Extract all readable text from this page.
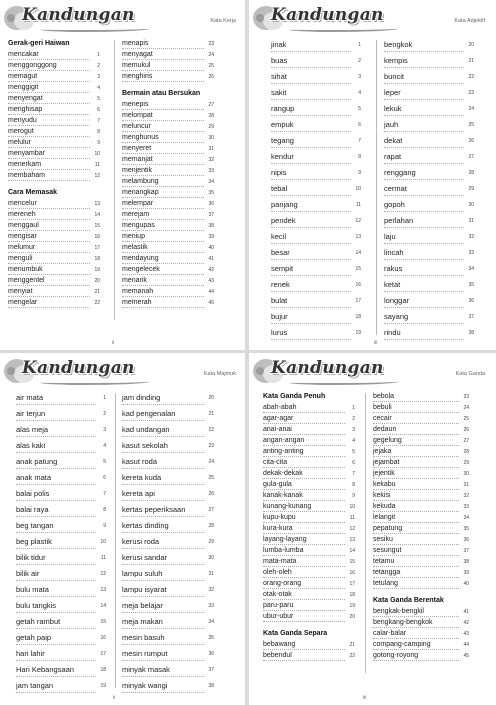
Kandungan	Kata Kerja
Gerak-geri Haiwan
mencakar	1
menggonggong	2
memagut	3
menggigit	4
menyengat	5
menghisap	6
menyudu	7
merogut	8
melulur	9
menyambar	10
menerkam	11
membaham	12
Cara Memasak
mencelur	13
mereneh	14
menggaul	15
mengisar	16
melumur	17
menguli	18
menumbuk	19
menggentel	20
menyiat	21
mengelar	22
menapis	23
menyagat	24
memukul	25
menghiris	26
Bermain atau Bersukan
menepis	27
melompat	28
meluncur	29
menghunus	30
menyeret	31
memanjat	32
menjentik	33
melambung	34
menangkap	35
melempar	36
merejam	37
mengupas	38
meniup	39
melastik	40
mendayung	41
mengelecek	42
menarik	43
memanah	44
memerah	45
ii
Kandungan	Kata Adjektif
jinak	1
buas	2
sihat	3
sakit	4
rangup	5
empuk	6
tegang	7
kendur	8
nipis	9
tebal	10
panjang	11
pendek	12
kecil	13
besar	14
sempit	15
renek	16
bulat	17
bujur	18
lurus	19
bengkok	20
kempis	21
buncit	22
leper	23
lekuk	24
jauh	25
dekat	26
rapat	27
renggang	28
cermat	29
gopoh	30
perlahan	31
laju	32
lincah	33
rakus	34
ketat	35
longgar	36
sayang	37
rindu	38
iii
Kandungan	Kata Majmuk
air mata	1
air terjun	2
alas meja	3
alas kaki	4
anak patung	5
anak mata	6
balai polis	7
balai raya	8
beg tangan	9
beg plastik	10
bilik tidur	11
bilik air	12
bulu mata	13
bulu tangkis	14
getah rambut	15
getah paip	16
hari lahir	17
Hari Kebangsaan	18
jam tangan	19
jam dinding	20
kad pengenalan	21
kad undangan	22
kasut sekolah	23
kasut roda	24
kereta kuda	25
kereta api	26
kertas peperiksaan	27
kertas dinding	28
kerusi roda	29
kerusi sandar	30
lampu suluh	31
lampu isyarat	32
meja belajar	33
meja makan	34
mesin basuh	35
mesin rumput	36
minyak masak	37
minyak wangi	38
ii
Kandungan	Kata Ganda
Kata Ganda Penuh
abah-abah	1
agar-agar	2
anai-anai	3
angan-angan	4
anting-anting	5
cita-cita	6
dekak-dekak	7
gula-gula	8
kanak-kanak	9
kunang-kunang	10
kupu-kupu	11
kura-kura	12
layang-layang	13
lumba-lumba	14
mata-mata	15
oleh-oleh	16
orang-orang	17
otak-otak	18
paru-paru	19
ubur-ubur	20
Kata Ganda Separa
bebawang	21
bebendul	22
bebola	23
bebuli	24
cecair	25
dedaun	26
gegelung	27
jejaka	28
jejambat	29
jejentik	30
kekabu	31
kekisi	32
kekuda	33
lelangit	34
pepatung	35
sesiku	36
sesungut	37
tetamu	38
tetangga	39
tetulang	40
Kata Ganda Berentak
bengkak-bengkil	41
bengkang-bengkok	42
calar-balar	43
compang-camping	44
gotong-royong	45
iii
